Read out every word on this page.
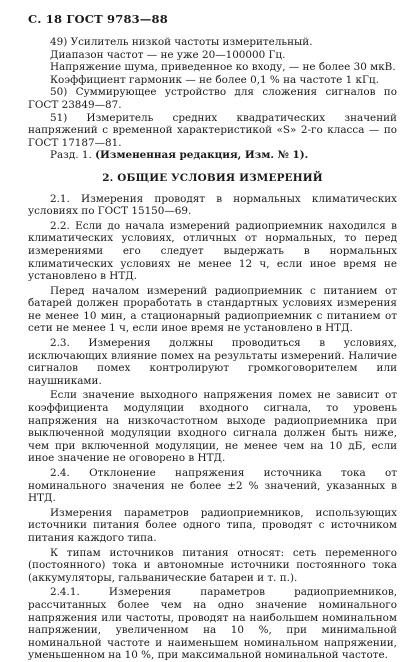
С. 18 ГОСТ 9783—88

49) Усилитель низкой частоты измерительный.

Диапазон частот — не уже 20—100000 Гц.

Напряжение шума, приведенное ко входу, — не более 30 мкВ.

Коэффициент гармоник — не более 0,1 % на частоте 1 кГц.

50) Суммирующее устройство для сложения сигналов по ГОСТ 23849—87.

51) Измеритель средних квадратических значений напряжений с временной характеристикой «S» 2-го класса — по ГОСТ 17187—81.

Разд. 1. (Измененная редакция, Изм. № 1).

2. ОБЩИЕ УСЛОВИЯ ИЗМЕРЕНИЙ

2.1. Измерения проводят в нормальных климатических условиях по ГОСТ 15150—69.

2.2. Если до начала измерений радиоприемник находился в климатических условиях, отличных от нормальных, то перед измерениями его следует выдержать в нормальных климатических условиях не менее 12 ч, если иное время не установлено в НТД.

Перед началом измерений радиоприемник с питанием от батарей должен проработать в стандартных условиях измерения не менее 10 мин, а стационарный радиоприемник с питанием от сети не менее 1 ч, если иное время не установлено в НТД.

2.3. Измерения должны проводиться в условиях, исключающих влияние помех на результаты измерений. Наличие сигналов помех контролируют громкоговорителем или наушниками.

Если значение выходного напряжения помех не зависит от коэффициента модуляции входного сигнала, то уровень напряжения на низкочастотном выходе радиоприемника при выключенной модуляции входного сигнала должен быть ниже, чем при включенной модуляции, не менее чем на 10 дБ, если иное значение не оговорено в НТД.

2.4. Отклонение напряжения источника тока от номинального значения не более ±2 % значений, указанных в НТД.

Измерения параметров радиоприемников, использующих источники питания более одного типа, проводят с источником питания каждого типа.

К типам источников питания относят: сеть переменного (постоянного) тока и автономные источники постоянного тока (аккумуляторы, гальванические батареи и т. п.).

2.4.1. Измерения параметров радиоприемников, рассчитанных более чем на одно значение номинального напряжения или частоты, проводят на наибольшем номинальном напряжении, увеличенном на 10 %, при минимальной номинальной частоте и наименьшем номинальном напряжении, уменьшенном на 10 %, при максимальной номинальной частоте.
